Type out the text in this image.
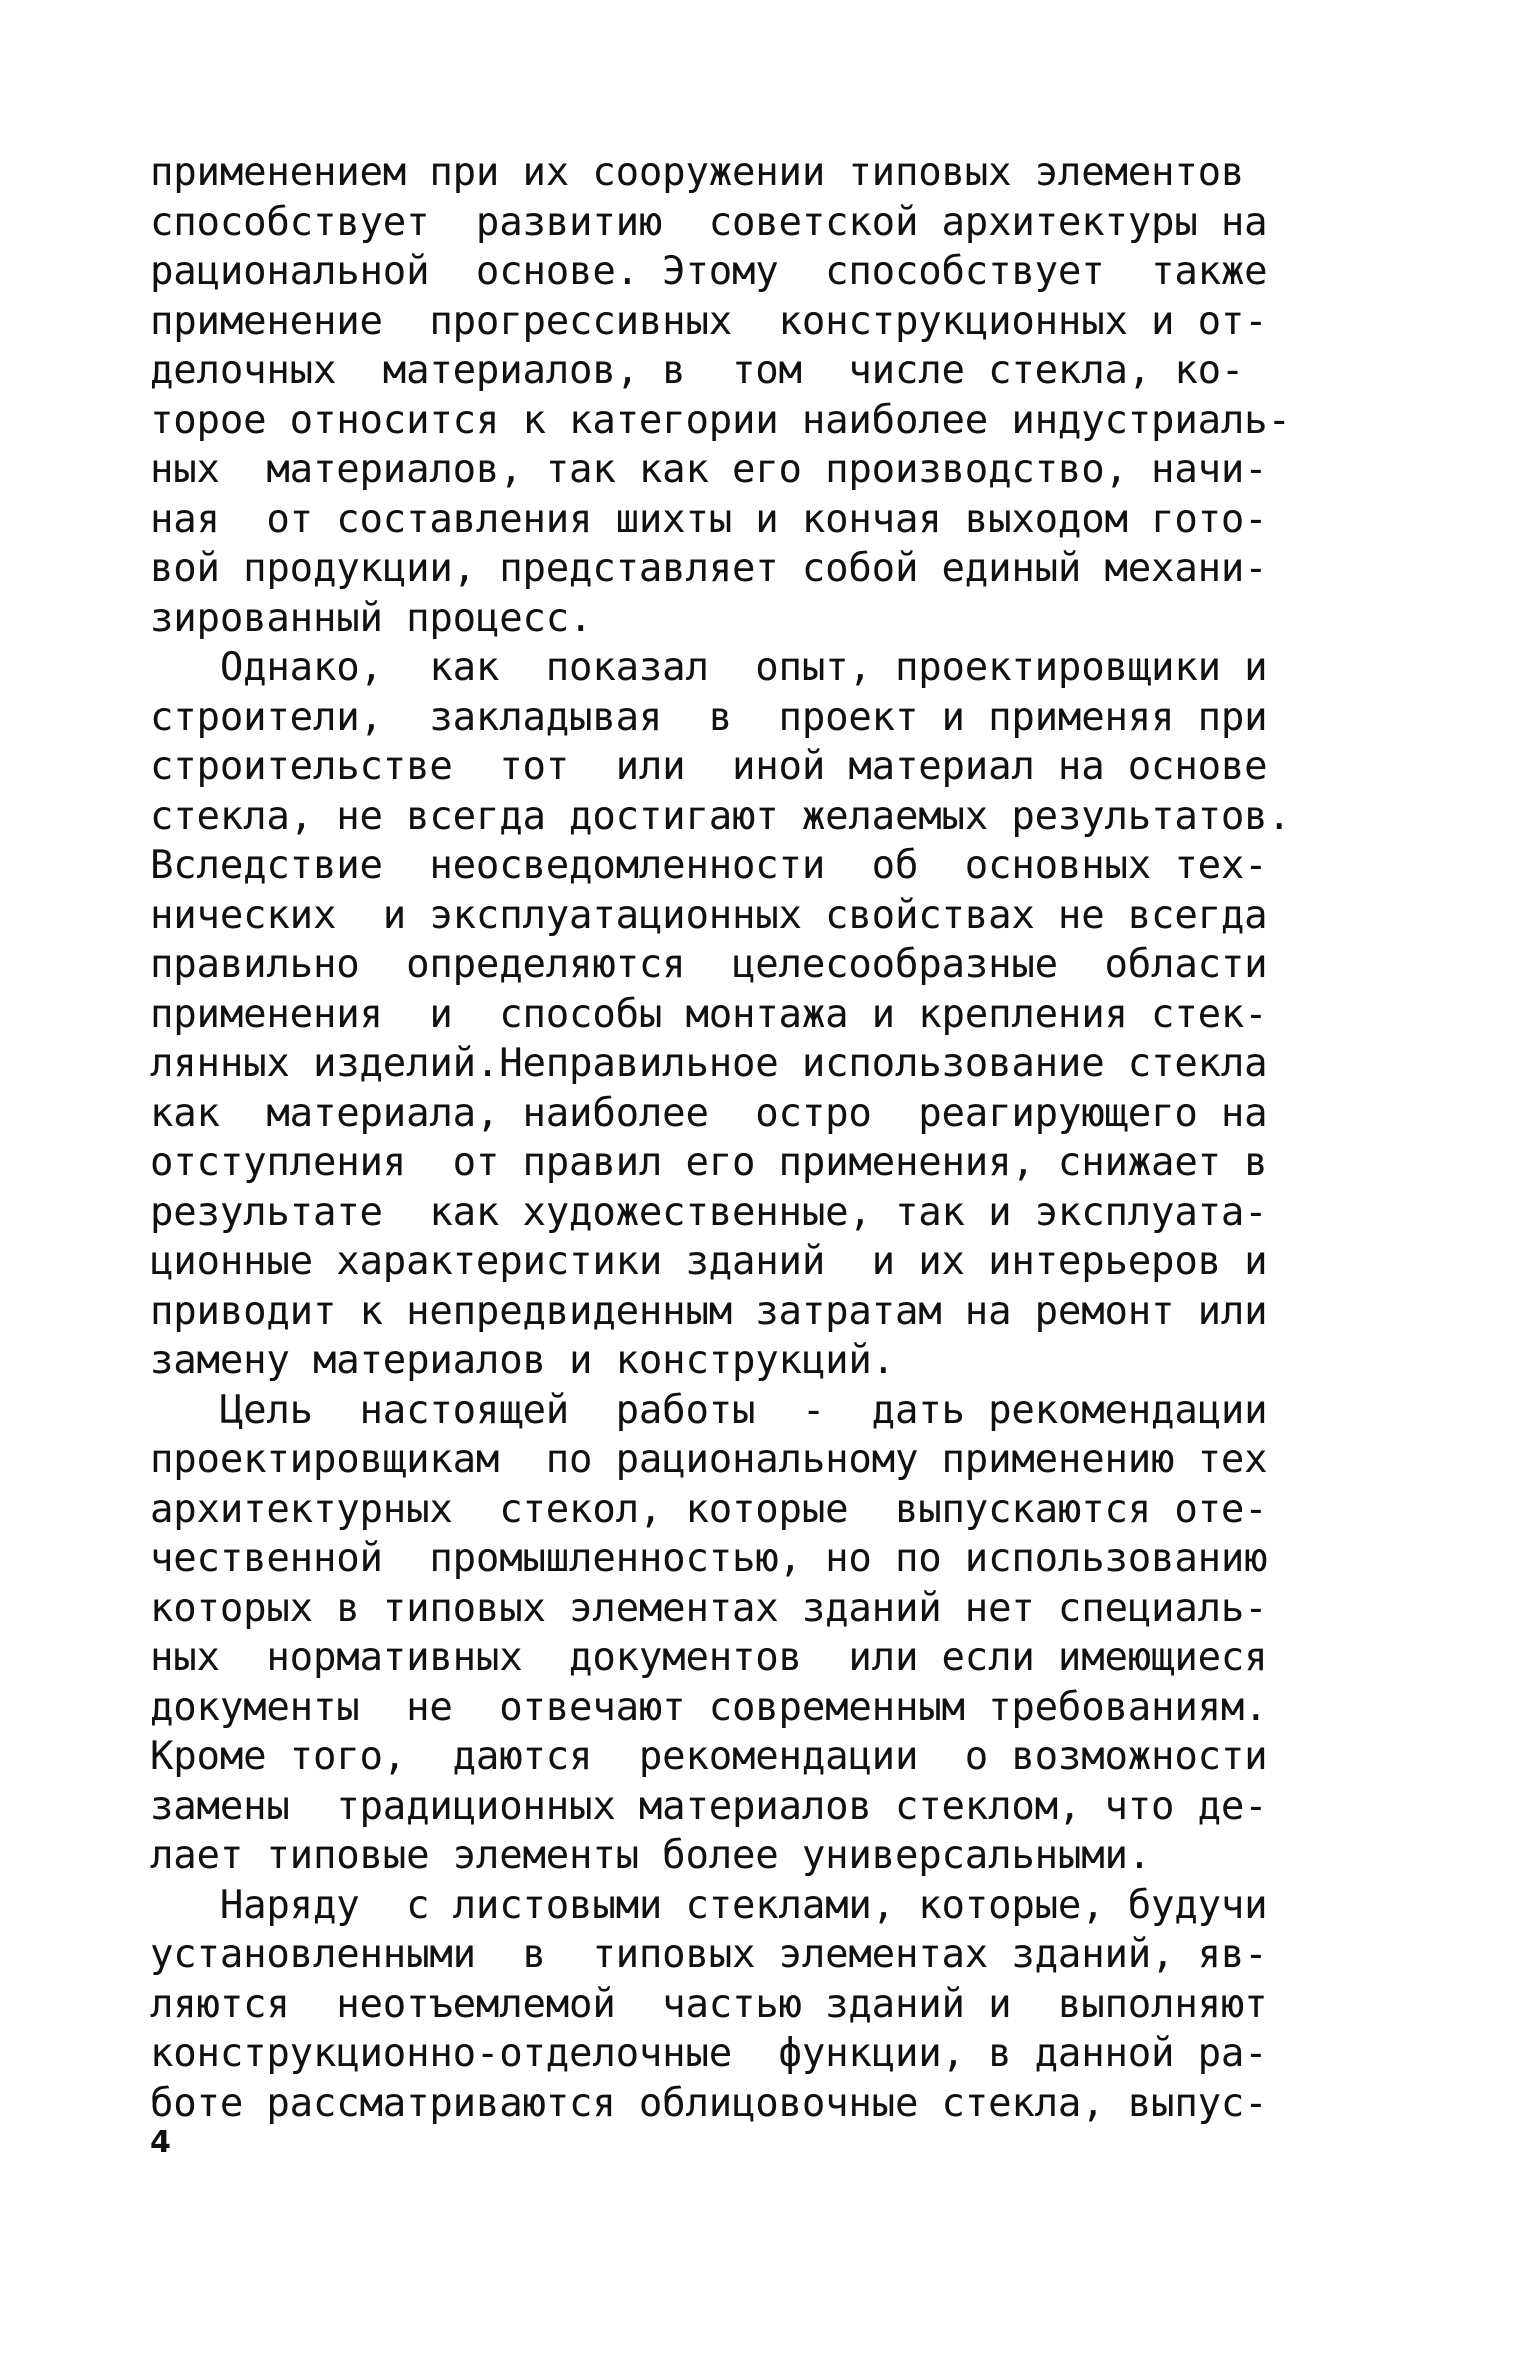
применением при их сооружении типовых элементов
способствует  развитию  советской архитектуры на
рациональной  основе. Этому  способствует  также
применение  прогрессивных  конструкционных и от-
делочных  материалов, в  том  числе стекла, ко-
торое относится к категории наиболее индустриаль-
ных  материалов, так как его производство, начи-
ная  от составления шихты и кончая выходом гото-
вой продукции, представляет собой единый механи-
зированный процесс.
Однако,  как  показал  опыт, проектировщики и
строители,  закладывая  в  проект и применяя при
строительстве  тот  или  иной материал на основе
стекла, не всегда достигают желаемых результатов.
Вследствие  неосведомленности  об  основных тех-
нических  и эксплуатационных свойствах не всегда
правильно  определяются  целесообразные  области
применения  и  способы монтажа и крепления стек-
лянных изделий.Неправильное использование стекла
как  материала, наиболее  остро  реагирующего на
отступления  от правил его применения, снижает в
результате  как художественные, так и эксплуата-
ционные характеристики зданий  и их интерьеров и
приводит к непредвиденным затратам на ремонт или
замену материалов и конструкций.
Цель  настоящей  работы  -  дать рекомендации
проектировщикам  по рациональному применению тех
архитектурных  стекол, которые  выпускаются оте-
чественной  промышленностью, но по использованию
которых в типовых элементах зданий нет специаль-
ных  нормативных  документов  или если имеющиеся
документы  не  отвечают современным требованиям.
Кроме того,  даются  рекомендации  о возможности
замены  традиционных материалов стеклом, что де-
лает типовые элементы более универсальными.
Наряду  с листовыми стеклами, которые, будучи
установленными  в  типовых элементах зданий, яв-
ляются  неотъемлемой  частью зданий и  выполняют
конструкционно-отделочные  функции, в данной ра-
боте рассматриваются облицовочные стекла, выпус-
4
